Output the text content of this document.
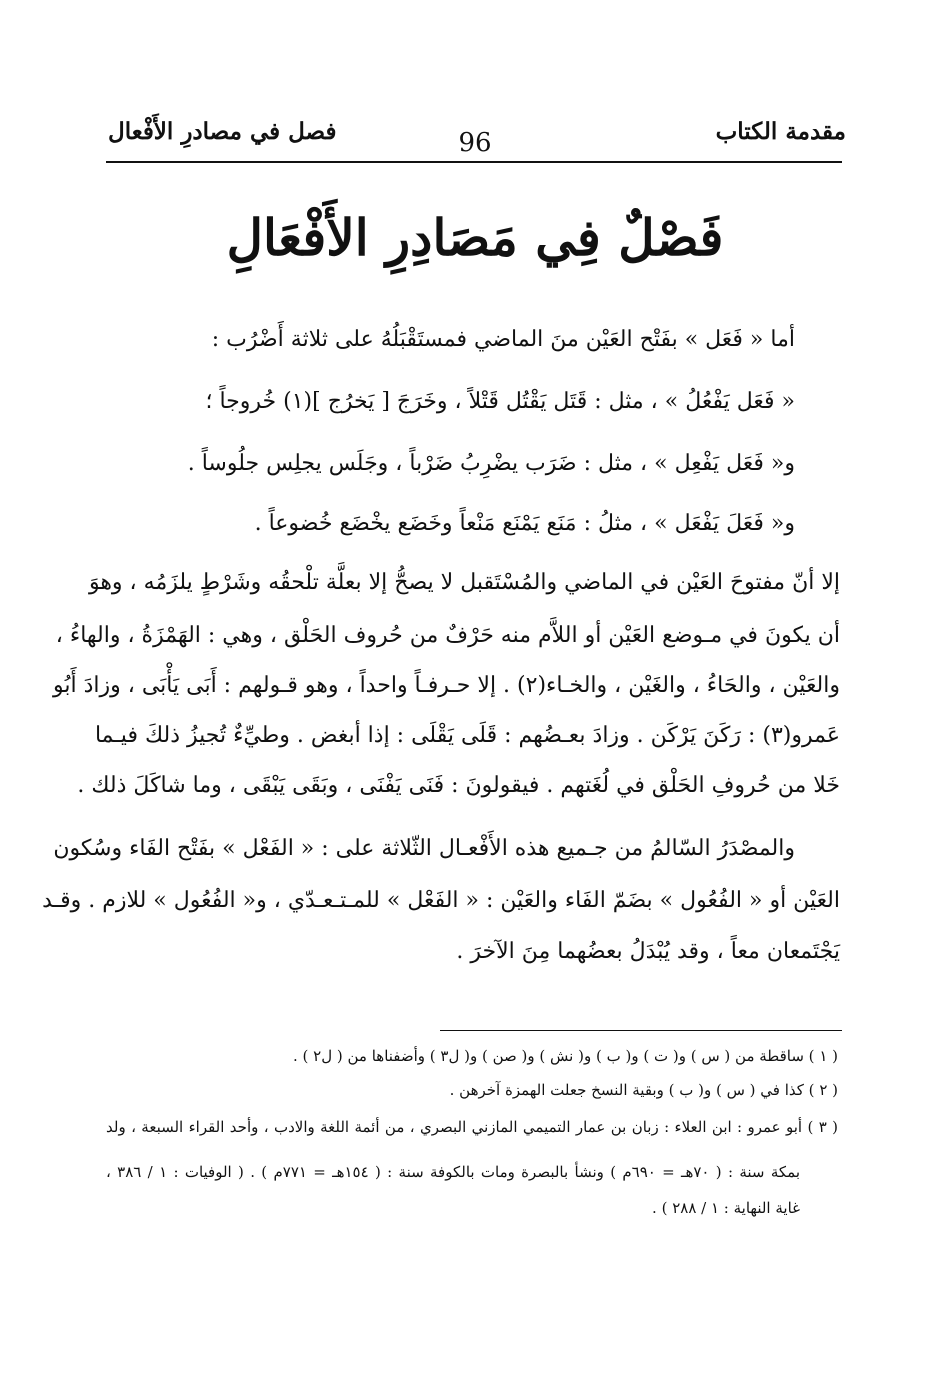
مقدمة الكتاب
96
فصل في مصادرِ الأَفْعال
فَصْلٌ فِي مَصَادِرِ الأَفْعَالِ
أما « فَعَل » بفَتْح العَيْن منَ الماضي فمستَقْبَلُهُ على ثلاثة أَضْرُب :
« فَعَل يَفْعُلُ » ، مثل : قَتَل يَقْتُل قَتْلاً ، وخَرَجَ [ يَخرُج ](١) خُروجاً ؛
و« فَعَل يَفْعِل » ، مثل : ضَرَب يضْرِبُ ضَرْباً ، وجَلَس يجلِس جلُوساً .
و« فَعَلَ يَفْعَل » ، مثلُ : مَنَع يَمْنَع مَنْعاً وخَضَع يخْضَع خُضوعاً .
إلا أنّ مفتوحَ العَيْن في الماضي والمُسْتَقبل لا يصحُّ إلا بعلَّة تلْحقُه وشَرْطٍ يلزَمُه ، وهوَ
أن يكونَ في مـوضع العَيْن أو اللاَّم منه حَرْفٌ من حُروف الحَلْق ، وهي : الهَمْزَةُ ، والهاءُ ،
والعَيْن ، والحَاءُ ، والغَيْن ، والخـاء(٢) . إلا حـرفـاً واحداً ، وهو قـولهم : أَبَى يَأْبَى ، وزادَ أَبُو
عَمرو(٣) : رَكَنَ يَرْكَن . وزادَ بعـضُهم : قَلَى يَقْلَى : إذا أبغض . وطيِّءٌ تُجيزُ ذلكَ فيـما
خَلا من حُروفِ الحَلْق في لُغَتهم . فيقولونَ : فَنَى يَفْنَى ، وبَقَى يَبْقَى ، وما شاكَلَ ذلك .
والمصْدَرُ السّالمُ من جـميع هذه الأَفْعـال الثّلاثة على : « الفَعْل » بفَتْح الفَاء وسُكون
العَيْن أو « الفُعُول » بضَمّ الفَاء والعَيْن : « الفَعْل » للمـتـعـدّي ، و« الفُعُول » للازم . وقـد
يَجْتَمعان معاً ، وقد يُبْدَلُ بعضُهما مِنَ الآخرَ .
( ١ ) ساقطة من ( س ) و( ت ) و( ب ) و( نش ) و( صن ) و( ل٣ ) وأضفناها من ( ل٢ ) .
( ٢ ) كذا في ( س ) و( ب ) وبقية النسخ جعلت الهمزة آخرهن .
( ٣ ) أبو عمرو : ابن العلاء : زبان بن عمار التميمي المازني البصري ، من أئمة اللغة والادب ، وأحد القراء السبعة ، ولد
بمكة سنة : ( ٧٠هـ = ٦٩٠م ) ونشأ بالبصرة ومات بالكوفة سنة : ( ١٥٤هـ = ٧٧١م ) . ( الوفيات : ١ / ٣٨٦ ،
غاية النهاية : ١ / ٢٨٨ ) .
